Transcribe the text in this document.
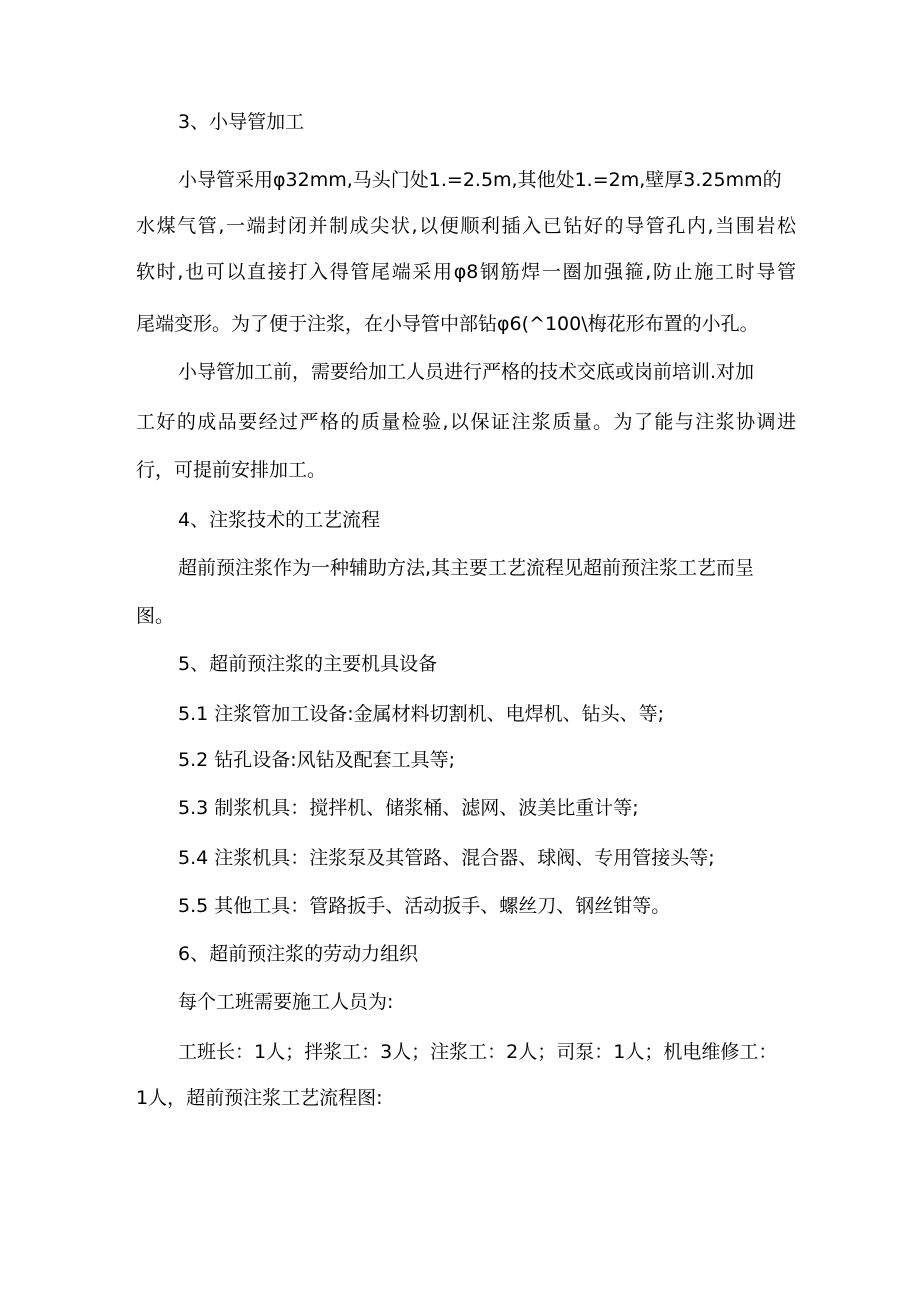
3、小导管加工
小导管采用φ32mm,马头门处1.=2.5m,其他处1.=2m,壁厚3.25mm的
水煤气管,一端封闭并制成尖状,以便顺利插入已钻好的导管孔内,当围岩松
软时,也可以直接打入得管尾端采用φ8钢筋焊一圈加强箍,防止施工时导管
尾端变形。为了便于注浆，在小导管中部钻φ6(^100\梅花形布置的小孔。
小导管加工前，需要给加工人员进行严格的技术交底或岗前培训.对加
工好的成品要经过严格的质量检验,以保证注浆质量。为了能与注浆协调进
行，可提前安排加工。
4、注浆技术的工艺流程
超前预注浆作为一种辅助方法,其主要工艺流程见超前预注浆工艺而呈
图。
5、超前预注浆的主要机具设备
5.1 注浆管加工设备:金属材料切割机、电焊机、钻头、等;
5.2 钻孔设备:风钻及配套工具等;
5.3 制浆机具：搅拌机、储浆桶、滤网、波美比重计等;
5.4 注浆机具：注浆泵及其管路、混合器、球阀、专用管接头等;
5.5 其他工具：管路扳手、活动扳手、螺丝刀、钢丝钳等。
6、超前预注浆的劳动力组织
每个工班需要施工人员为:
工班长：1人；拌浆工：3人；注浆工：2人；司泵：1人；机电维修工：
1人，超前预注浆工艺流程图:
